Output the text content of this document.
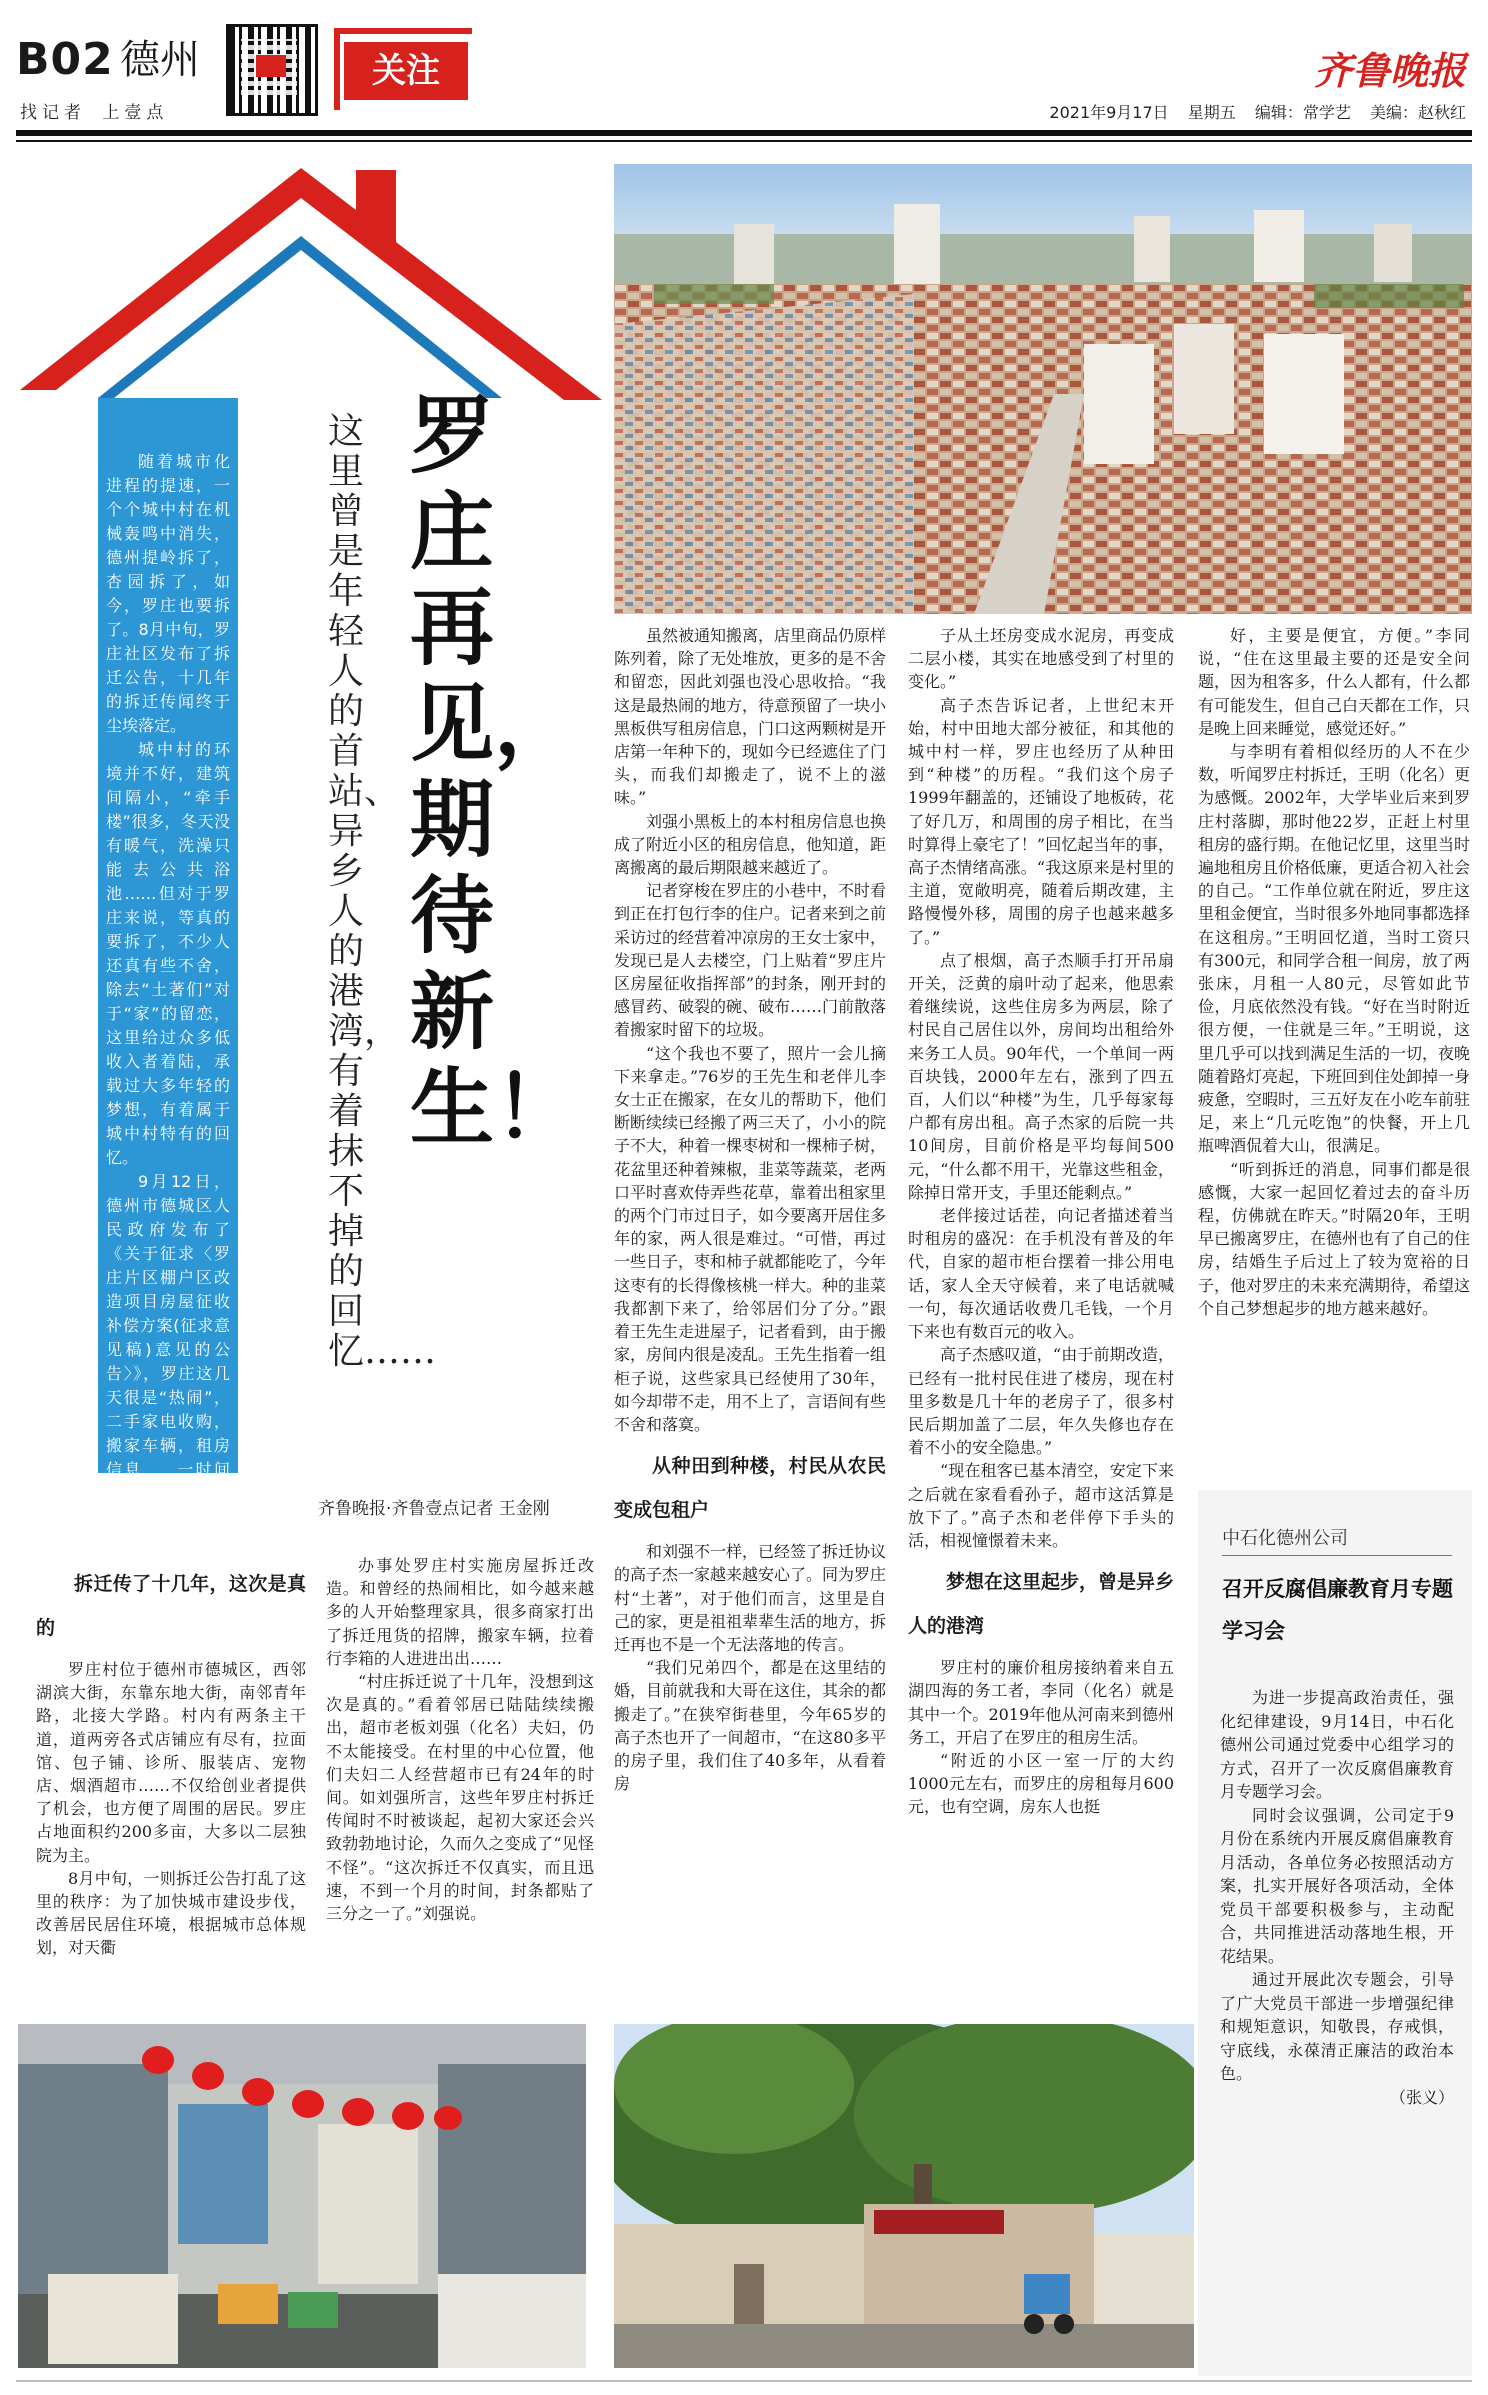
B02 德州
找记者 上壹点
关注	齐鲁晚报
2021年9月17日 星期五 编辑：常学艺 美编：赵秋红

随着城市化进程的提速，一个个城中村在机械轰鸣中消失，德州提岭拆了，杏园拆了，如今，罗庄也要拆了。8月中旬，罗庄社区发布了拆迁公告，十几年的拆迁传闻终于尘埃落定。

城中村的环境并不好，建筑间隔小，“牵手楼”很多，冬天没有暖气，洗澡只能去公共浴池……但对于罗庄来说，等真的要拆了，不少人还真有些不舍，除去“土著们”对于“家”的留恋，这里给过众多低收入者着陆，承载过大多年轻的梦想，有着属于城中村特有的回忆。

9月12日，德州市德城区人民政府发布了《关于征求〈罗庄片区棚户区改造项目房屋征收补偿方案(征求意见稿)意见的公告〉》，罗庄这几天很是“热闹”，二手家电收购，搬家车辆，租房信息……一时间都聚集在这个占地面积200多亩的“城中村”。

罗庄再见，期待新生！
这里曾是年轻人的首站、异乡人的港湾，有着抹不掉的回忆……
齐鲁晚报·齐鲁壹点记者 王金刚
拆迁传了十几年，这次是真的

罗庄村位于德州市德城区，西邻湖滨大街，东靠东地大街，南邻青年路，北接大学路。村内有两条主干道，道两旁各式店铺应有尽有，拉面馆、包子铺、诊所、服装店、宠物店、烟酒超市……不仅给创业者提供了机会，也方便了周围的居民。罗庄占地面积约200多亩，大多以二层独院为主。

8月中旬，一则拆迁公告打乱了这里的秩序：为了加快城市建设步伐，改善居民居住环境，根据城市总体规划，对天衢

办事处罗庄村实施房屋拆迁改造。和曾经的热闹相比，如今越来越多的人开始整理家具，很多商家打出了拆迁甩货的招牌，搬家车辆，拉着行李箱的人进进出出……

“村庄拆迁说了十几年，没想到这次是真的。”看着邻居已陆陆续续搬出，超市老板刘强（化名）夫妇，仍不太能接受。在村里的中心位置，他们夫妇二人经营超市已有24年的时间。如刘强所言，这些年罗庄村拆迁传闻时不时被谈起，起初大家还会兴致勃勃地讨论，久而久之变成了“见怪不怪”。“这次拆迁不仅真实，而且迅速，不到一个月的时间，封条都贴了三分之一了。”刘强说。

虽然被通知搬离，店里商品仍原样陈列着，除了无处堆放，更多的是不舍和留恋，因此刘强也没心思收拾。“我这是最热闹的地方，待意预留了一块小黑板供写租房信息，门口这两颗树是开店第一年种下的，现如今已经遮住了门头，而我们却搬走了，说不上的滋味。”

刘强小黑板上的本村租房信息也换成了附近小区的租房信息，他知道，距离搬离的最后期限越来越近了。

记者穿梭在罗庄的小巷中，不时看到正在打包行李的住户。记者来到之前采访过的经营着冲凉房的王女士家中，发现已是人去楼空，门上贴着“罗庄片区房屋征收指挥部”的封条，刚开封的感冒药、破裂的碗、破布……门前散落着搬家时留下的垃圾。

“这个我也不要了，照片一会儿摘下来拿走。”76岁的王先生和老伴儿李女士正在搬家，在女儿的帮助下，他们断断续续已经搬了两三天了，小小的院子不大，种着一棵枣树和一棵柿子树，花盆里还种着辣椒，韭菜等蔬菜，老两口平时喜欢侍弄些花草，靠着出租家里的两个门市过日子，如今要离开居住多年的家，两人很是难过。“可惜，再过一些日子，枣和柿子就都能吃了，今年这枣有的长得像核桃一样大。种的韭菜我都割下来了，给邻居们分了分。”跟着王先生走进屋子，记者看到，由于搬家，房间内很是凌乱。王先生指着一组柜子说，这些家具已经使用了30年，如今却带不走，用不上了，言语间有些不舍和落寞。

从种田到种楼，村民从农民变成包租户

和刘强不一样，已经签了拆迁协议的高子杰一家越来越安心了。同为罗庄村“土著”，对于他们而言，这里是自己的家，更是祖祖辈辈生活的地方，拆迁再也不是一个无法落地的传言。

“我们兄弟四个，都是在这里结的婚，目前就我和大哥在这住，其余的都搬走了。”在狭窄街巷里，今年65岁的高子杰也开了一间超市，“在这80多平的房子里，我们住了40多年，从看着房

子从土坯房变成水泥房，再变成二层小楼，其实在地感受到了村里的变化。”

高子杰告诉记者，上世纪末开始，村中田地大部分被征，和其他的城中村一样，罗庄也经历了从种田到“种楼”的历程。“我们这个房子1999年翻盖的，还铺设了地板砖，花了好几万，和周围的房子相比，在当时算得上豪宅了！”回忆起当年的事，高子杰情绪高涨。“我这原来是村里的主道，宽敞明亮，随着后期改建，主路慢慢外移，周围的房子也越来越多了。”

点了根烟，高子杰顺手打开吊扇开关，泛黄的扇叶动了起来，他思索着继续说，这些住房多为两层，除了村民自己居住以外，房间均出租给外来务工人员。90年代，一个单间一两百块钱，2000年左右，涨到了四五百，人们以“种楼”为生，几乎每家每户都有房出租。高子杰家的后院一共10间房，目前价格是平均每间500元，“什么都不用干，光靠这些租金，除掉日常开支，手里还能剩点。”

老伴接过话茬，向记者描述着当时租房的盛况：在手机没有普及的年代，自家的超市柜台摆着一排公用电话，家人全天守候着，来了电话就喊一句，每次通话收费几毛钱，一个月下来也有数百元的收入。

高子杰感叹道，“由于前期改造，已经有一批村民住进了楼房，现在村里多数是几十年的老房子了，很多村民后期加盖了二层，年久失修也存在着不小的安全隐患。”

“现在租客已基本清空，安定下来之后就在家看看孙子，超市这活算是放下了。”高子杰和老伴停下手头的活，相视憧憬着未来。

梦想在这里起步，曾是异乡人的港湾

罗庄村的廉价租房接纳着来自五湖四海的务工者，李同（化名）就是其中一个。2019年他从河南来到德州务工，开启了在罗庄的租房生活。

“附近的小区一室一厅的大约1000元左右，而罗庄的房租每月600元，也有空调，房东人也挺

好，主要是便宜，方便。”李同说，“住在这里最主要的还是安全问题，因为租客多，什么人都有，什么都有可能发生，但自己白天都在工作，只是晚上回来睡觉，感觉还好。”

与李明有着相似经历的人不在少数，听闻罗庄村拆迁，王明（化名）更为感慨。2002年，大学毕业后来到罗庄村落脚，那时他22岁，正赶上村里租房的盛行期。在他记忆里，这里当时遍地租房且价格低廉，更适合初入社会的自己。“工作单位就在附近，罗庄这里租金便宜，当时很多外地同事都选择在这租房。”王明回忆道，当时工资只有300元，和同学合租一间房，放了两张床，月租一人80元，尽管如此节俭，月底依然没有钱。“好在当时附近很方便，一住就是三年。”王明说，这里几乎可以找到满足生活的一切，夜晚随着路灯亮起，下班回到住处卸掉一身疲惫，空暇时，三五好友在小吃车前驻足，来上“几元吃饱”的快餐，开上几瓶啤酒侃着大山，很满足。

“听到拆迁的消息，同事们都是很感慨，大家一起回忆着过去的奋斗历程，仿佛就在昨天。”时隔20年，王明早已搬离罗庄，在德州也有了自己的住房，结婚生子后过上了较为宽裕的日子，他对罗庄的未来充满期待，希望这个自己梦想起步的地方越来越好。

中石化德州公司
召开反腐倡廉教育月专题学习会

为进一步提高政治责任，强化纪律建设，9月14日，中石化德州公司通过党委中心组学习的方式，召开了一次反腐倡廉教育月专题学习会。

同时会议强调，公司定于9月份在系统内开展反腐倡廉教育月活动，各单位务必按照活动方案，扎实开展好各项活动，全体党员干部要积极参与，主动配合，共同推进活动落地生根，开花结果。

通过开展此次专题会，引导了广大党员干部进一步增强纪律和规矩意识，知敬畏，存戒惧，守底线，永葆清正廉洁的政治本色。

（张义）
